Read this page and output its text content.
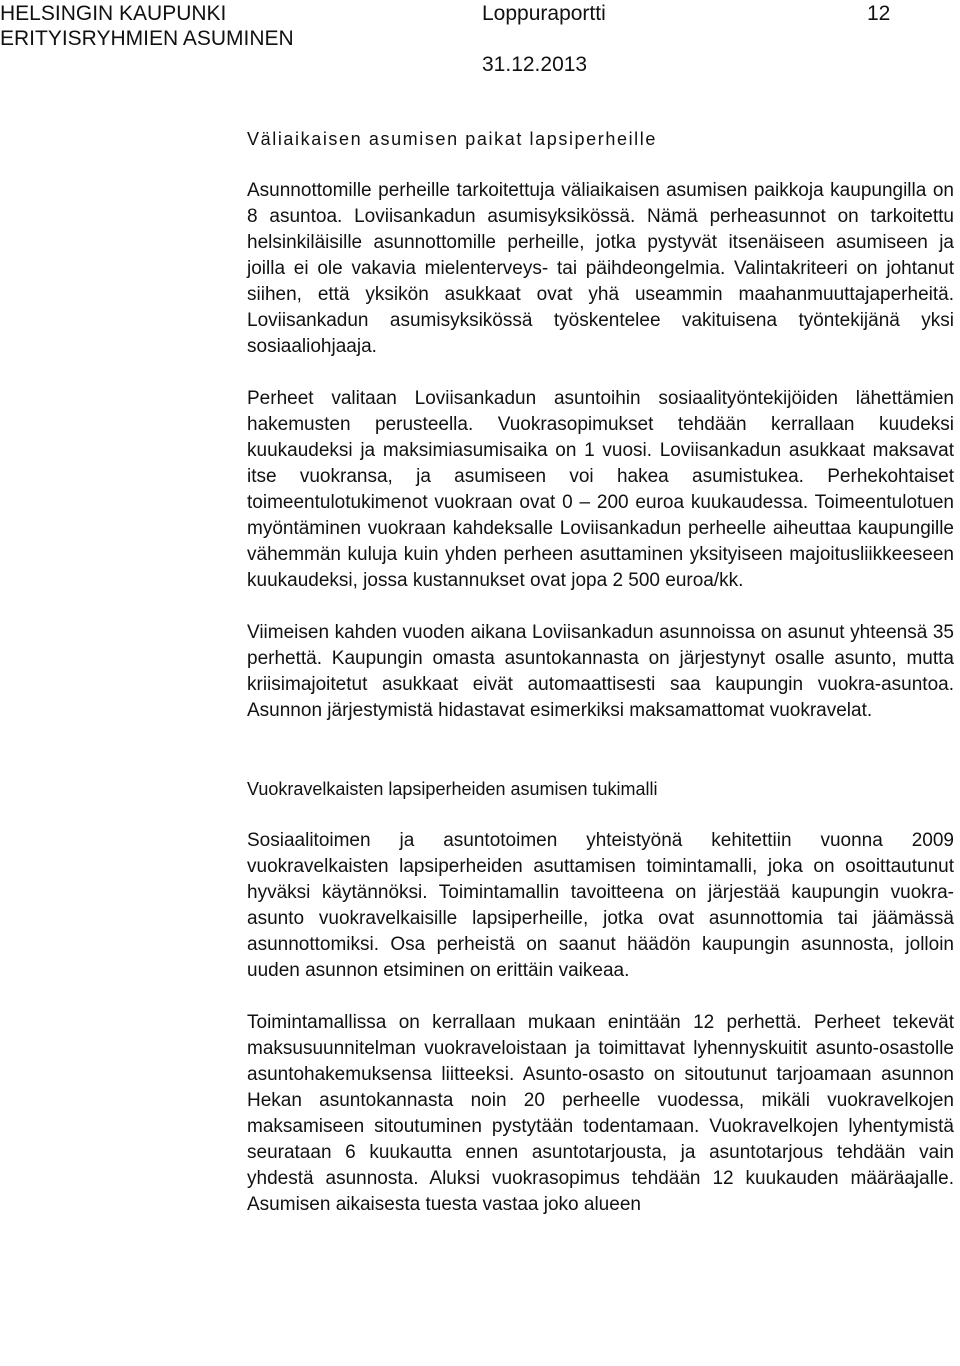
HELSINGIN KAUPUNKI
ERITYISRYHMIEN ASUMINEN
Loppuraportti	12
31.12.2013
Väliaikaisen asumisen paikat lapsiperheille

Asunnottomille perheille tarkoitettuja väliaikaisen asumisen paikkoja kaupungilla on 8 asuntoa. Loviisankadun asumisyksikössä. Nämä perheasunnot on tarkoitettu helsinkiläisille asunnottomille perheille, jotka pystyvät itsenäiseen asumiseen ja joilla ei ole vakavia mielenterveys- tai päihdeongelmia. Valintakriteeri on johtanut siihen, että yksikön asukkaat ovat yhä useammin maahanmuuttajaperheitä. Loviisankadun asumisyksikössä työskentelee vakituisena työntekijänä yksi sosiaaliohjaaja.

Perheet valitaan Loviisankadun asuntoihin sosiaalityöntekijöiden lähettämien hakemusten perusteella. Vuokrasopimukset tehdään kerrallaan kuudeksi kuukaudeksi ja maksimiasumisaika on 1 vuosi. Loviisankadun asukkaat maksavat itse vuokransa, ja asumiseen voi hakea asumistukea. Perhekohtaiset toimeentulotukimenot vuokraan ovat 0 – 200 euroa kuukaudessa. Toimeentulotuen myöntäminen vuokraan kahdeksalle Loviisankadun perheelle aiheuttaa kaupungille vähemmän kuluja kuin yhden perheen asuttaminen yksityiseen majoitusliikkeeseen kuukaudeksi, jossa kustannukset ovat jopa 2 500 euroa/kk.

Viimeisen kahden vuoden aikana Loviisankadun asunnoissa on asunut yhteensä 35 perhettä. Kaupungin omasta asuntokannasta on järjestynyt osalle asunto, mutta kriisimajoitetut asukkaat eivät automaattisesti saa kaupungin vuokra-asuntoa. Asunnon järjestymistä hidastavat esimerkiksi maksamattomat vuokravelat.

Vuokravelkaisten lapsiperheiden asumisen tukimalli

Sosiaalitoimen ja asuntotoimen yhteistyönä kehitettiin vuonna 2009 vuokravelkaisten lapsiperheiden asuttamisen toimintamalli, joka on osoittautunut hyväksi käytännöksi. Toimintamallin tavoitteena on järjestää kaupungin vuokra-asunto vuokravelkaisille lapsiperheille, jotka ovat asunnottomia tai jäämässä asunnottomiksi. Osa perheistä on saanut häädön kaupungin asunnosta, jolloin uuden asunnon etsiminen on erittäin vaikeaa.

Toimintamallissa on kerrallaan mukaan enintään 12 perhettä. Perheet tekevät maksusuunnitelman vuokraveloistaan ja toimittavat lyhennyskuitit asunto-osastolle asuntohakemuksensa liitteeksi. Asunto-osasto on sitoutunut tarjoamaan asunnon Hekan asuntokannasta noin 20 perheelle vuodessa, mikäli vuokravelkojen maksamiseen sitoutuminen pystytään todentamaan. Vuokravelkojen lyhentymistä seurataan 6 kuukautta ennen asuntotarjousta, ja asuntotarjous tehdään vain yhdestä asunnosta. Aluksi vuokrasopimus tehdään 12 kuukauden määräajalle. Asumisen aikaisesta tuesta vastaa joko alueen
